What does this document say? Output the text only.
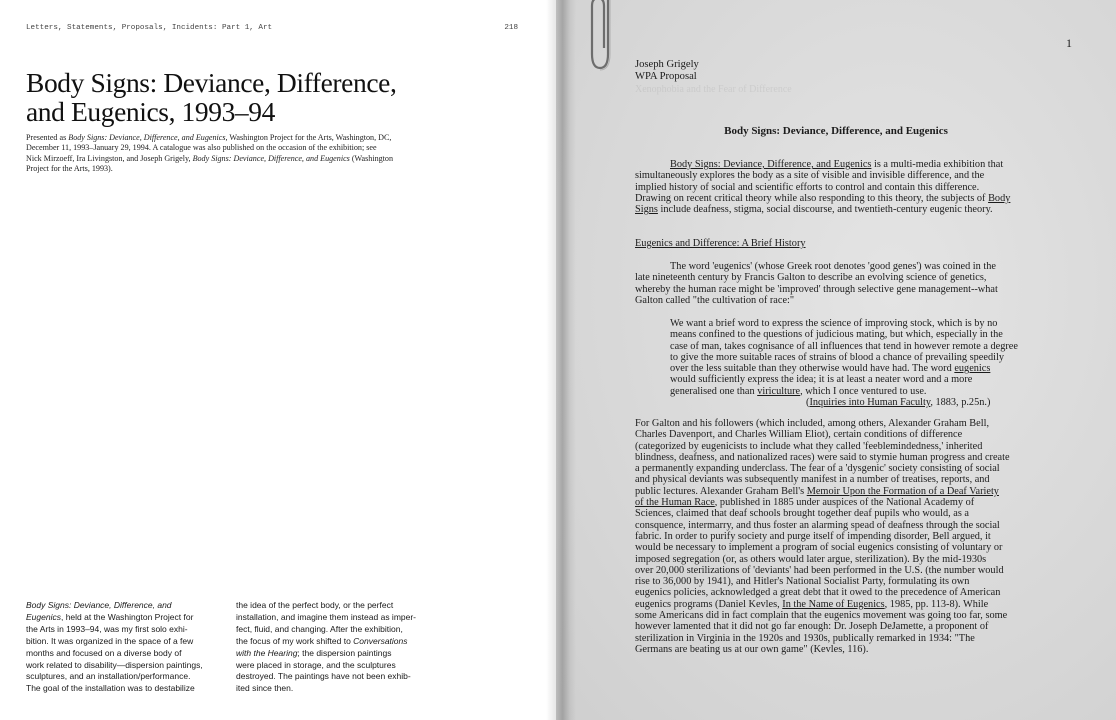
Letters, Statements, Proposals, Incidents: Part 1, Art	218
Body Signs: Deviance, Difference,
and Eugenics, 1993–94

Presented as Body Signs: Deviance, Difference, and Eugenics, Washington Project for the Arts, Washington, DC,
December 11, 1993–January 29, 1994. A catalogue was also published on the occasion of the exhibition; see
Nick Mirzoeff, Ira Livingston, and Joseph Grigely, Body Signs: Deviance, Difference, and Eugenics (Washington
Project for the Arts, 1993).

Body Signs: Deviance, Difference, and
Eugenics, held at the Washington Project for
the Arts in 1993–94, was my first solo exhi-
bition. It was organized in the space of a few
months and focused on a diverse body of
work related to disability—dispersion paintings,
sculptures, and an installation/performance.
The goal of the installation was to destabilize

the idea of the perfect body, or the perfect
installation, and imagine them instead as imper-
fect, fluid, and changing. After the exhibition,
the focus of my work shifted to Conversations
with the Hearing; the dispersion paintings
were placed in storage, and the sculptures
destroyed. The paintings have not been exhib-
ited since then.

1
Joseph Grigely
WPA Proposal
Xenophobia and the Fear of Difference

Body Signs: Deviance, Difference, and Eugenics

Body Signs: Deviance, Difference, and Eugenics is a multi-media exhibition that
simultaneously explores the body as a site of visible and invisible difference, and the
implied history of social and scientific efforts to control and contain this difference.
Drawing on recent critical theory while also responding to this theory, the subjects of Body
Signs include deafness, stigma, social discourse, and twentieth-century eugenic theory.

Eugenics and Difference: A Brief History

The word 'eugenics' (whose Greek root denotes 'good genes') was coined in the
late nineteenth century by Francis Galton to describe an evolving science of genetics,
whereby the human race might be 'improved' through selective gene management--what
Galton called "the cultivation of race:"

We want a brief word to express the science of improving stock, which is by no
means confined to the questions of judicious mating, but which, especially in the
case of man, takes cognisance of all influences that tend in however remote a degree
to give the more suitable races of strains of blood a chance of prevailing speedily
over the less suitable than they otherwise would have had. The word eugenics
would sufficiently express the idea; it is at least a neater word and a more
generalised one than viriculture, which I once ventured to use.
(Inquiries into Human Faculty, 1883, p.25n.)

For Galton and his followers (which included, among others, Alexander Graham Bell,
Charles Davenport, and Charles William Eliot), certain conditions of difference
(categorized by eugenicists to include what they called 'feeblemindedness,' inherited
blindness, deafness, and nationalized races) were said to stymie human progress and create
a permanently expanding underclass. The fear of a 'dysgenic' society consisting of social
and physical deviants was subsequently manifest in a number of treatises, reports, and
public lectures. Alexander Graham Bell's Memoir Upon the Formation of a Deaf Variety
of the Human Race, published in 1885 under auspices of the National Academy of
Sciences, claimed that deaf schools brought together deaf pupils who would, as a
consquence, intermarry, and thus foster an alarming spead of deafness through the social
fabric. In order to purify society and purge itself of impending disorder, Bell argued, it
would be necessary to implement a program of social eugenics consisting of voluntary or
imposed segregation (or, as others would later argue, sterilization). By the mid-1930s
over 20,000 sterilizations of 'deviants' had been performed in the U.S. (the number would
rise to 36,000 by 1941), and Hitler's National Socialist Party, formulating its own
eugenics policies, acknowledged a great debt that it owed to the precedence of American
eugenics programs (Daniel Kevles, In the Name of Eugenics, 1985, pp. 113-8). While
some Americans did in fact complain that the eugenics movement was going too far, some
however lamented that it did not go far enough: Dr. Joseph DeJamette, a proponent of
sterilization in Virginia in the 1920s and 1930s, publically remarked in 1934: "The
Germans are beating us at our own game" (Kevles, 116).
